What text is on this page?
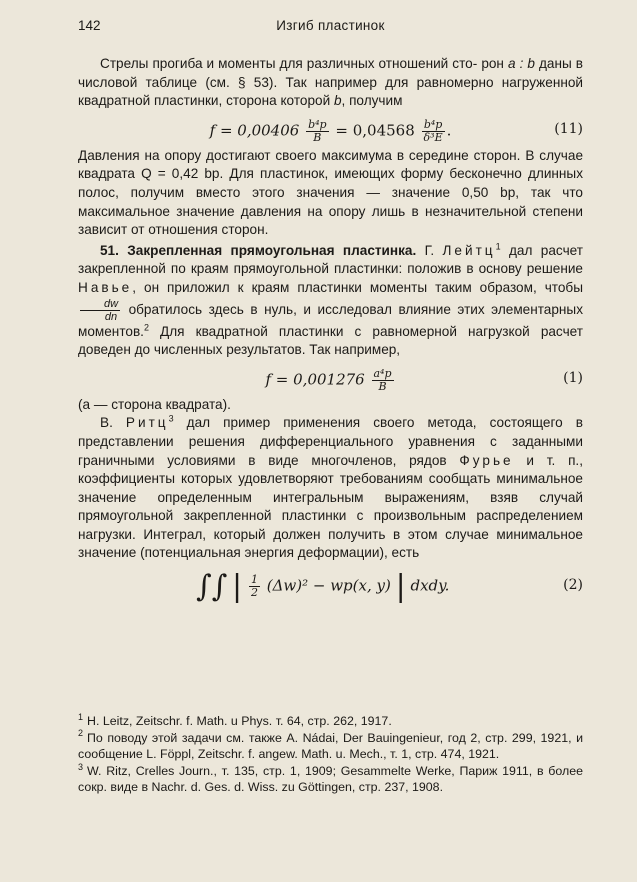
142	Изгиб пластинок

Стрелы прогиба и моменты для различных отношений сто- рон a : b даны в числовой таблице (см. § 53). Так например для равномерно нагруженной квадратной пластинки, сторона которой b, получим

$f = 0,00406 \frac{\text{b⁴p}}{B} = 0,04568 \frac{\text{b⁴p}}{\text{δ³E}}$ .	(11)

Давления на опору достигают своего максимума в середине сторон. В случае квадрата Q = 0,42 bp. Для пластинок, имеющих форму бесконечно длинных полос, получим вместо этого значения — значение 0,50 bp, так что максимальное значение давления на опору лишь в незначительной степени зависит от отношения сторон.

51. Закрепленная прямоугольная пластинка. Г. Лейтц$^1$ дал расчет закрепленной по краям прямоугольной пластинки: положив в основу решение Навье, он приложил к краям пластинки моменты таким образом, чтобы
$\frac{dw}{dn}$ обратилось здесь в нуль, и исследовал влияние этих элементарных моментов.$^2$ Для квадратной пластинки с равномерной нагрузкой расчет доведен до численных результатов. Так например,

$f = 0,001276 \frac{\text{a⁴p}}{B}$	(1)

(a — сторона квадрата).

В. Ритц$^3$ дал пример применения своего метода, состоящего в представлении решения дифференциального уравнения с заданными граничными условиями в виде многочленов, рядов Фурье и т. п., коэффициенты которых удовлетворяют требованиям сообщать минимальное значение определенным интегральным выражениям, взяв случай прямоугольной закрепленной пластинки с произвольным распределением нагрузки. Интеграл, который должен получить в этом случае минимальное значение (потенциальная энергия деформации), есть

∫∫ | $\frac{1}{2} (\Delta w)^2 - wp(x$, y) | dxdy.	(2)

$^1$ H. Leitz, Zeitschr. f. Math. u Phys. т. 64, стр. 262, 1917.

$^2$ По поводу этой задачи см. также A. Nádai, Der Bauingenieur, год 2, стр. 299, 1921, и сообщение L. Föppl, Zeitschr. f. angew. Math. u. Mech., т. 1, стр. 474, 1921.

$^3$ W. Ritz, Crelles Journ., т. 135, стр. 1, 1909; Gesammelte Werke, Париж 1911, в более сокр. виде в Nachr. d. Ges. d. Wiss. zu Göttingen, стр. 237, 1908.
